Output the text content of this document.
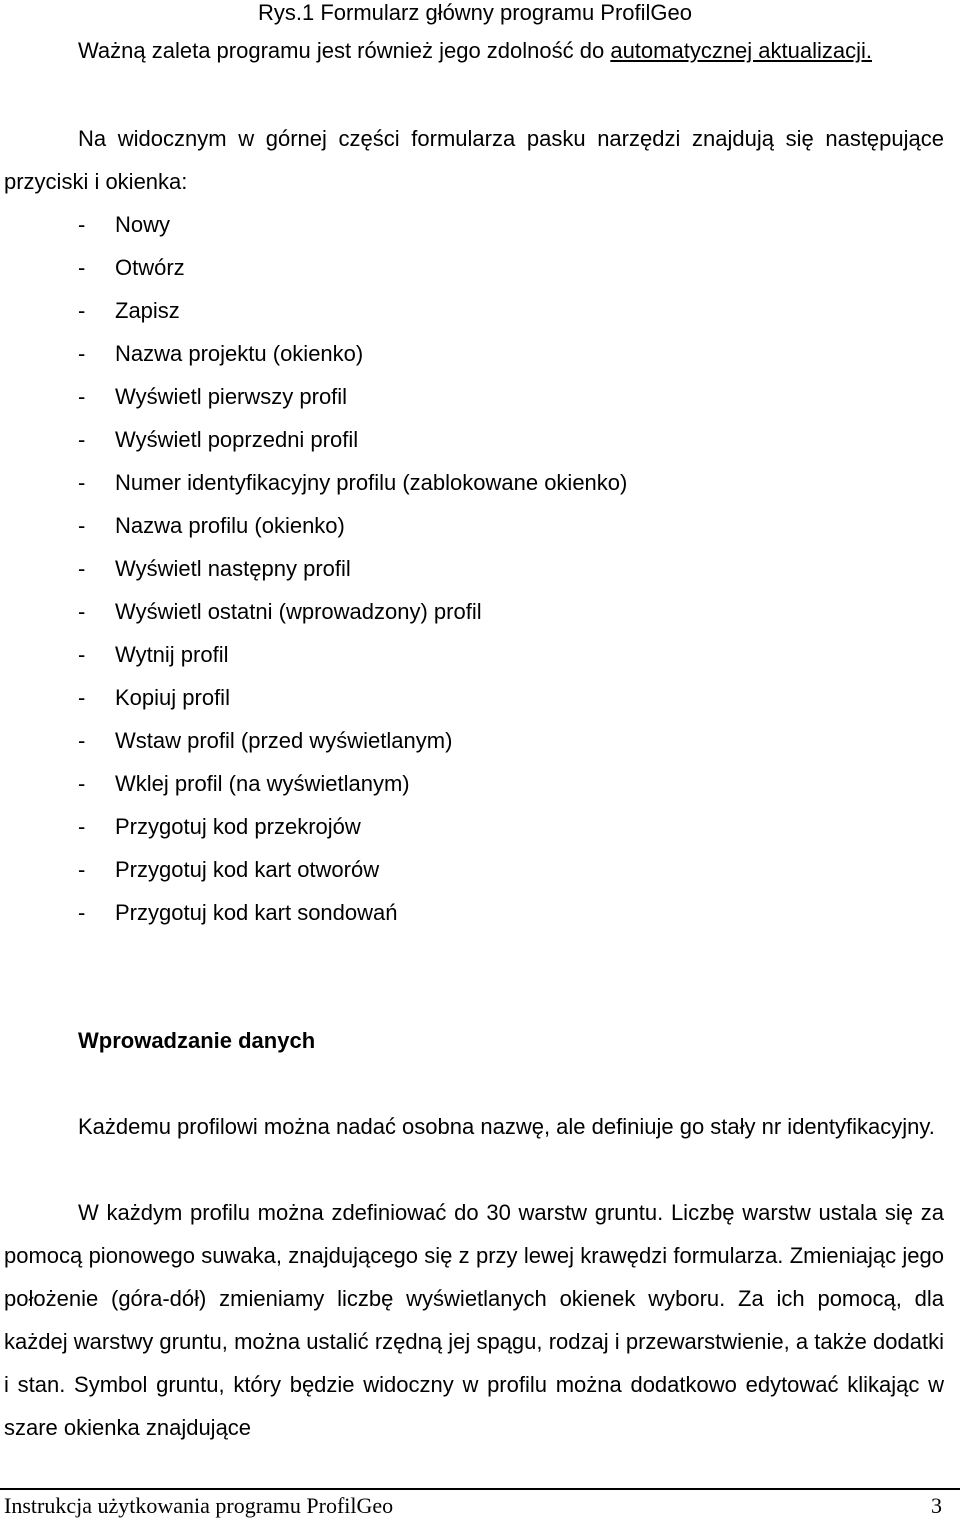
Rys.1 Formularz główny programu ProfilGeo
Ważną zaleta programu jest również jego zdolność do automatycznej aktualizacji.
Na widocznym w górnej części formularza pasku narzędzi znajdują się następujące przyciski i okienka:
- Nowy
- Otwórz
- Zapisz
- Nazwa projektu (okienko)
- Wyświetl pierwszy profil
- Wyświetl poprzedni profil
- Numer identyfikacyjny profilu (zablokowane okienko)
- Nazwa profilu (okienko)
- Wyświetl następny profil
- Wyświetl ostatni (wprowadzony) profil
- Wytnij profil
- Kopiuj profil
- Wstaw profil (przed wyświetlanym)
- Wklej profil (na wyświetlanym)
- Przygotuj kod przekrojów
- Przygotuj kod kart otworów
- Przygotuj kod kart sondowań
Wprowadzanie danych
Każdemu profilowi można nadać osobna nazwę, ale definiuje go stały nr identyfikacyjny.
W każdym profilu można zdefiniować do 30 warstw gruntu. Liczbę warstw ustala się za pomocą pionowego suwaka, znajdującego się z przy lewej krawędzi formularza. Zmieniając jego położenie (góra-dół) zmieniamy liczbę wyświetlanych okienek wyboru. Za ich pomocą, dla każdej warstwy gruntu, można ustalić rzędną jej spągu, rodzaj i przewarstwienie, a także dodatki i stan. Symbol gruntu, który będzie widoczny w profilu można dodatkowo edytować klikając w szare okienka znajdujące
Instrukcja użytkowania programu ProfilGeo	3
